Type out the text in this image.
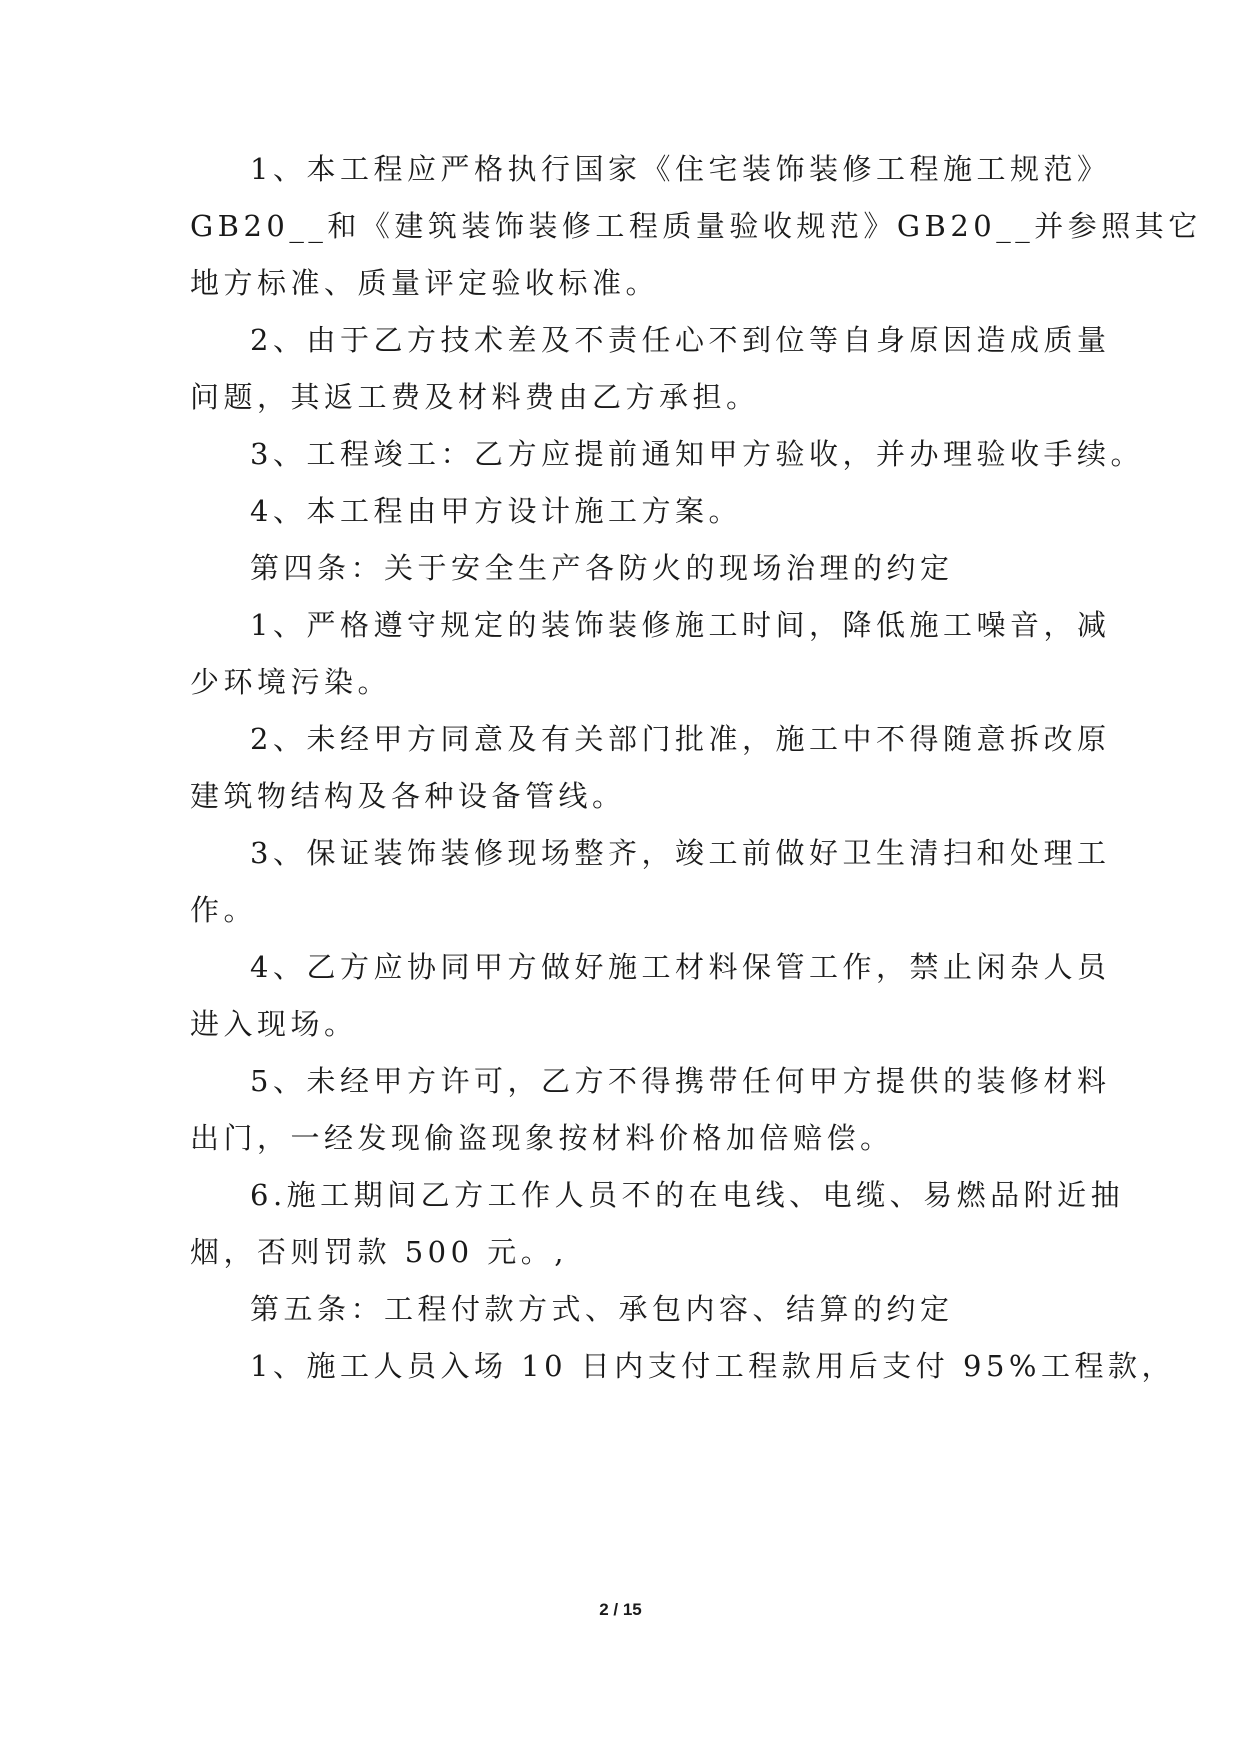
1、本工程应严格执行国家《住宅装饰装修工程施工规范》
GB20__和《建筑装饰装修工程质量验收规范》GB20__并参照其它
地方标准、质量评定验收标准。
2、由于乙方技术差及不责任心不到位等自身原因造成质量
问题，其返工费及材料费由乙方承担。
3、工程竣工：乙方应提前通知甲方验收，并办理验收手续。
4、本工程由甲方设计施工方案。
第四条：关于安全生产各防火的现场治理的约定
1、严格遵守规定的装饰装修施工时间，降低施工噪音，减
少环境污染。
2、未经甲方同意及有关部门批准，施工中不得随意拆改原
建筑物结构及各种设备管线。
3、保证装饰装修现场整齐，竣工前做好卫生清扫和处理工
作。
4、乙方应协同甲方做好施工材料保管工作，禁止闲杂人员
进入现场。
5、未经甲方许可，乙方不得携带任何甲方提供的装修材料
出门，一经发现偷盗现象按材料价格加倍赔偿。
6.施工期间乙方工作人员不的在电线、电缆、易燃品附近抽
烟，否则罚款 500 元。,
第五条：工程付款方式、承包内容、结算的约定
1、施工人员入场 10 日内支付工程款用后支付 95%工程款，
2 / 15
